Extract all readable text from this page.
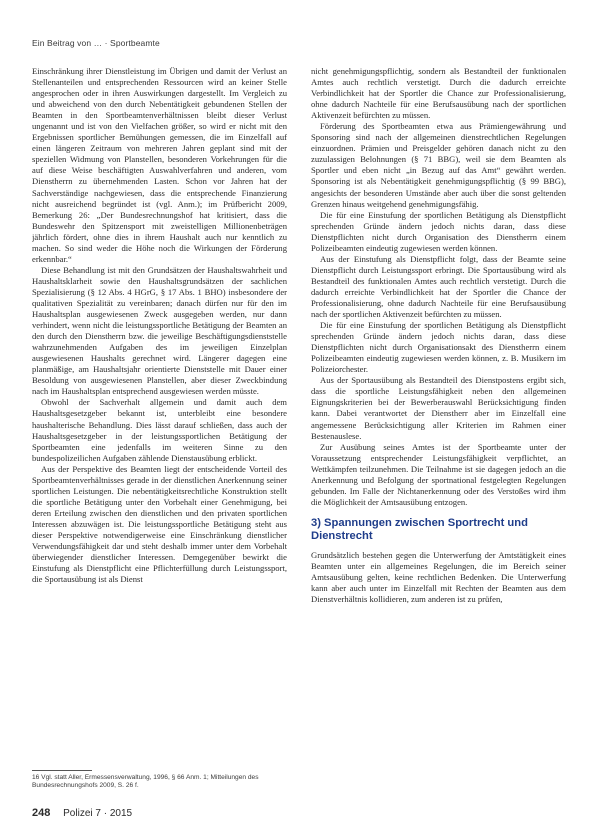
Ein Beitrag von … · Sportbeamte

Einschränkung ihrer Dienstleistung im Übrigen und damit der Verlust an Stellenanteilen und entsprechenden Ressourcen wird an keiner Stelle angesprochen oder in ihren Auswirkungen dargestellt. Im Vergleich zu und abweichend von den durch Nebentätigkeit gebundenen Stellen der Beamten in den Sportbeamtenverhältnissen bleibt dieser Verlust ungenannt und ist von den Vielfachen größer, so wird er nicht mit den Ergebnissen sportlicher Bemühungen gemessen, die im Einzelfall auf einen längeren Zeitraum von mehreren Jahren geplant sind mit der speziellen Widmung von Planstellen, besonderen Vorkehrungen für die auf diese Weise beschäftigten Auswahlverfahren und anderen, vom Dienstherrn zu übernehmenden Lasten. Schon vor Jahren hat der Sachverständige nachgewiesen, dass die entsprechende Finanzierung nicht ausreichend begründet ist (vgl. Anm.); im Prüfbericht 2009, Bemerkung 26: „Der Bundesrechnungshof hat kritisiert, dass die Bundeswehr den Spitzensport mit zweistelligen Millionenbeträgen jährlich fördert, ohne dies in ihrem Haushalt auch nur kenntlich zu machen. So sind weder die Höhe noch die Wirkungen der Förderung erkennbar.“

Diese Behandlung ist mit den Grundsätzen der Haushaltswahrheit und Haushaltsklarheit sowie den Haushaltsgrundsätzen der sachlichen Spezialisierung (§ 12 Abs. 4 HGrG, § 17 Abs. 1 BHO) insbesondere der qualitativen Spezialität zu vereinbaren; danach dürfen nur für den im Haushaltsplan ausgewiesenen Zweck ausgegeben werden, nur dann verhindert, wenn nicht die leistungssportliche Betätigung der Beamten an den durch den Dienstherrn bzw. die jeweilige Beschäftigungsdienststelle wahrzunehmenden Aufgaben des im jeweiligen Einzelplan ausgewiesenen Haushalts gerechnet wird. Längerer dagegen eine planmäßige, am Haushaltsjahr orientierte Dienststelle mit Dauer einer Besoldung von ausgewiesenen Planstellen, aber dieser Zweckbindung nach im Haushaltsplan entsprechend ausgewiesen werden müsste.

Obwohl der Sachverhalt allgemein und damit auch dem Haushaltsgesetzgeber bekannt ist, unterbleibt eine besondere haushalterische Behandlung. Dies lässt darauf schließen, dass auch der Haushaltsgesetzgeber in der leistungssportlichen Betätigung der Sportbeamten eine jedenfalls im weiteren Sinne zu den bundespolizeilichen Aufgaben zählende Dienstausübung erblickt.

Aus der Perspektive des Beamten liegt der entscheidende Vorteil des Sportbeamtenverhältnisses gerade in der dienstlichen Anerkennung seiner sportlichen Leistungen. Die nebentätigkeitsrechtliche Konstruktion stellt die sportliche Betätigung unter den Vorbehalt einer Genehmigung, bei deren Erteilung zwischen den dienstlichen und den privaten sportlichen Interessen abzuwägen ist. Die leistungssportliche Betätigung steht aus dieser Perspektive notwendigerweise eine Einschränkung dienstlicher Verwendungsfähigkeit dar und steht deshalb immer unter dem Vorbehalt überwiegender dienstlicher Interessen. Demgegenüber bewirkt die Einstufung als Dienstpflicht eine Pflichterfüllung durch Leistungssport, die Sportausübung ist als Dienst

nicht genehmigungspflichtig, sondern als Bestandteil der funktionalen Amtes auch rechtlich verstetigt. Durch die dadurch erreichte Verbindlichkeit hat der Sportler die Chance zur Professionalisierung, ohne dadurch Nachteile für eine Berufsausübung nach der sportlichen Aktivenzeit befürchten zu müssen.

Förderung des Sportbeamten etwa aus Prämiengewährung und Sponsoring sind nach der allgemeinen dienstrechtlichen Regelungen einzuordnen. Prämien und Preisgelder gehören danach nicht zu den zuzulassigen Belohnungen (§ 71 BBG), weil sie dem Beamten als Sportler und eben nicht „in Bezug auf das Amt“ gewährt werden. Sponsoring ist als Nebentätigkeit genehmigungspflichtig (§ 99 BBG), angesichts der besonderen Umstände aber auch über die sonst geltenden Grenzen hinaus weitgehend genehmigungsfähig.

Die für eine Einstufung der sportlichen Betätigung als Dienstpflicht sprechenden Gründe ändern jedoch nichts daran, dass diese Dienstpflichten nicht durch Organisation des Dienstherrn einem Polizeibeamten eindeutig zugewiesen werden können.

Aus der Einstufung als Dienstpflicht folgt, dass der Beamte seine Dienstpflicht durch Leistungssport erbringt. Die Sportausübung wird als Bestandteil des funktionalen Amtes auch rechtlich verstetigt. Durch die dadurch erreichte Verbindlichkeit hat der Sportler die Chance der Professionalisierung, ohne dadurch Nachteile für eine Berufsausübung nach der sportlichen Aktivenzeit befürchten zu müssen.

Die für eine Einstufung der sportlichen Betätigung als Dienstpflicht sprechenden Gründe ändern jedoch nichts daran, dass diese Dienstpflichten nicht durch Organisationsakt des Dienstherrn einem Polizeibeamten eindeutig zugewiesen werden können, z. B. Musikern im Polizeiorchester.

Aus der Sportausübung als Bestandteil des Dienstpostens ergibt sich, dass die sportliche Leistungsfähigkeit neben den allgemeinen Eignungskriterien bei der Bewerberauswahl Berücksichtigung finden kann. Dabei verantwortet der Dienstherr aber im Einzelfall eine angemessene Berücksichtigung aller Kriterien im Rahmen einer Bestenauslese.

Zur Ausübung seines Amtes ist der Sportbeamte unter der Voraussetzung entsprechender Leistungsfähigkeit verpflichtet, an Wettkämpfen teilzunehmen. Die Teilnahme ist sie dagegen jedoch an die Anerkennung und Befolgung der sportnational festgelegten Regelungen gebunden. Im Falle der Nichtanerkennung oder des Verstoßes wird ihm die Möglichkeit der Amtsausübung entzogen.

3) Spannungen zwischen Sportrecht und Dienstrecht

Grundsätzlich bestehen gegen die Unterwerfung der Amtstätigkeit eines Beamten unter ein allgemeines Regelungen, die im Bereich seiner Amtsausübung gelten, keine rechtlichen Bedenken. Die Unterwerfung kann aber auch unter im Einzelfall mit Rechten der Beamten aus dem Dienstverhältnis kollidieren, zum anderen ist zu prüfen,

16 Vgl. statt Aller, Ermessensverwaltung, 1996, § 66 Anm. 1; Mitteilungen des Bundesrechnungshofs 2009, S. 26 f.
248 Polizei 7 · 2015
